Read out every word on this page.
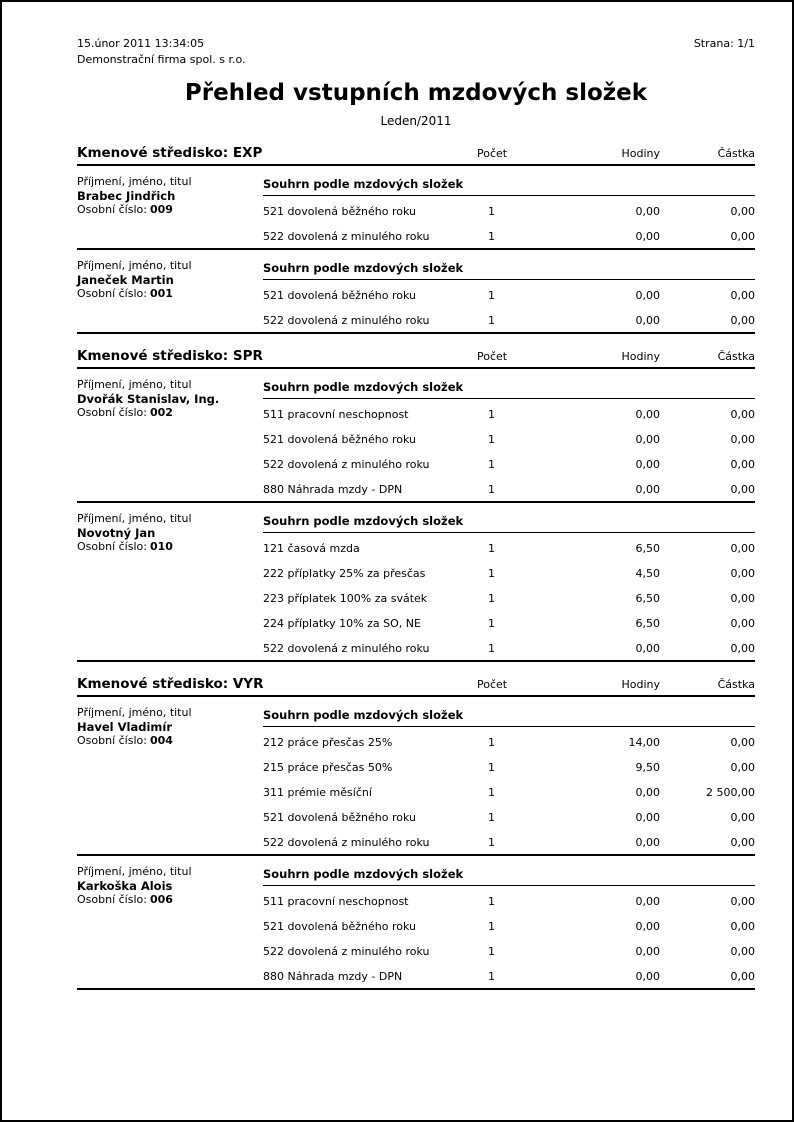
15.únor 2011 13:34:05
Demonstrační firma spol. s r.o.
Strana: 1/1
Přehled vstupních mzdových složek
Leden/2011
Kmenové středisko: EXP	Počet	Hodiny	Částka
Příjmení, jméno, titul
Brabec Jindřich
Osobní číslo: 009
Souhrn podle mzdových složek
521 dovolená běžného roku	1	0,00	0,00
522 dovolená z minulého roku	1	0,00	0,00
Příjmení, jméno, titul
Janeček Martin
Osobní číslo: 001
Souhrn podle mzdových složek
521 dovolená běžného roku	1	0,00	0,00
522 dovolená z minulého roku	1	0,00	0,00
Kmenové středisko: SPR	Počet	Hodiny	Částka
Příjmení, jméno, titul
Dvořák Stanislav, Ing.
Osobní číslo: 002
Souhrn podle mzdových složek
511 pracovní neschopnost	1	0,00	0,00
521 dovolená běžného roku	1	0,00	0,00
522 dovolená z minulého roku	1	0,00	0,00
880 Náhrada mzdy - DPN	1	0,00	0,00
Příjmení, jméno, titul
Novotný Jan
Osobní číslo: 010
Souhrn podle mzdových složek
121 časová mzda	1	6,50	0,00
222 příplatky 25% za přesčas	1	4,50	0,00
223 příplatek 100% za svátek	1	6,50	0,00
224 příplatky 10% za SO, NE	1	6,50	0,00
522 dovolená z minulého roku	1	0,00	0,00
Kmenové středisko: VYR	Počet	Hodiny	Částka
Příjmení, jméno, titul
Havel Vladimír
Osobní číslo: 004
Souhrn podle mzdových složek
212 práce přesčas 25%	1	14,00	0,00
215 práce přesčas 50%	1	9,50	0,00
311 prémie měsíční	1	0,00	2 500,00
521 dovolená běžného roku	1	0,00	0,00
522 dovolená z minulého roku	1	0,00	0,00
Příjmení, jméno, titul
Karkoška Alois
Osobní číslo: 006
Souhrn podle mzdových složek
511 pracovní neschopnost	1	0,00	0,00
521 dovolená běžného roku	1	0,00	0,00
522 dovolená z minulého roku	1	0,00	0,00
880 Náhrada mzdy - DPN	1	0,00	0,00
